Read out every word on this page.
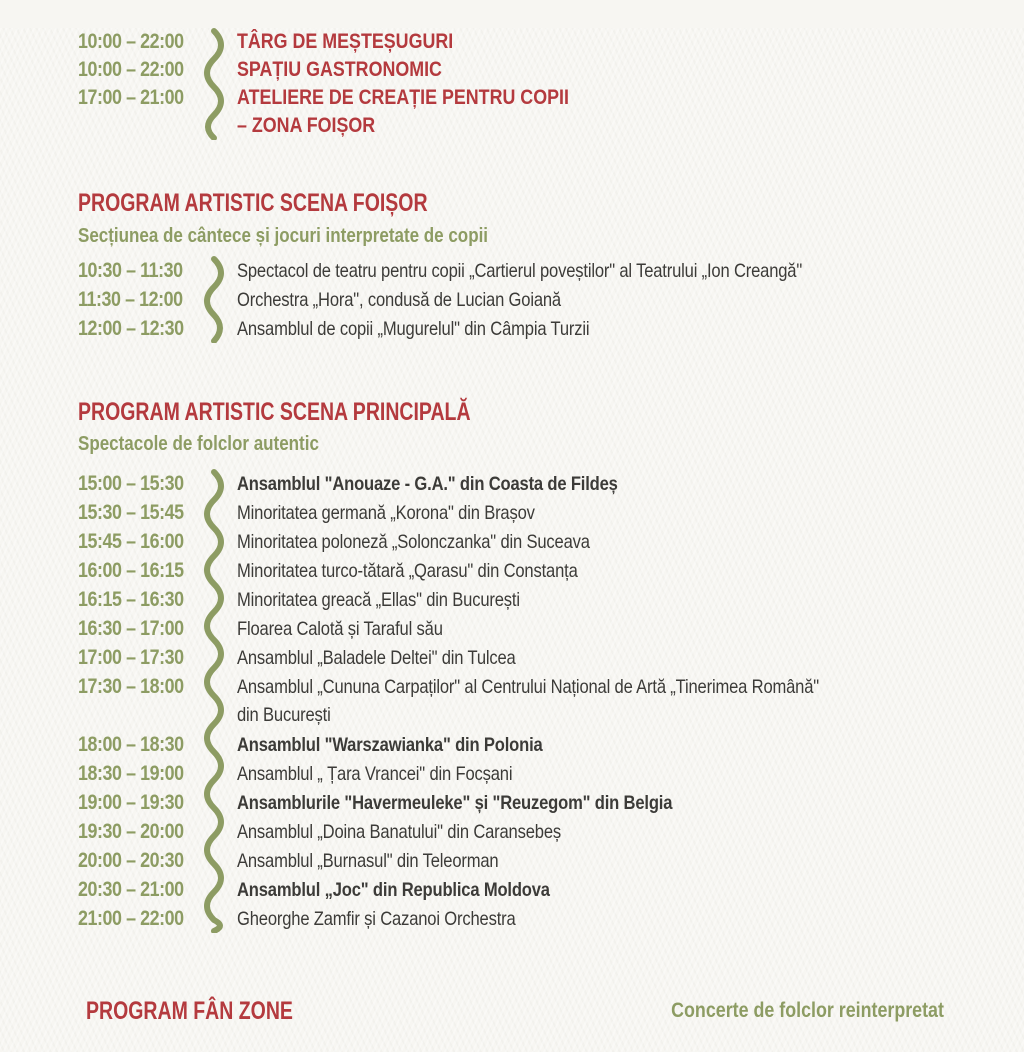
10:00 – 22:00	TÂRG DE MEȘTEȘUGURI
10:00 – 22:00	SPAȚIU GASTRONOMIC
17:00 – 21:00	ATELIERE DE CREAȚIE PENTRU COPII
– ZONA FOIȘOR
PROGRAM ARTISTIC SCENA FOIȘOR
Secțiunea de cântece și jocuri interpretate de copii
10:30 – 11:30	Spectacol de teatru pentru copii „Cartierul poveștilor" al Teatrului „Ion Creangă"
11:30 – 12:00	Orchestra „Hora", condusă de Lucian Goiană
12:00 – 12:30	Ansamblul de copii „Mugurelul" din Câmpia Turzii
PROGRAM ARTISTIC SCENA PRINCIPALĂ
Spectacole de folclor autentic
15:00 – 15:30	Ansamblul "Anouaze - G.A." din Coasta de Fildeș
15:30 – 15:45	Minoritatea germană „Korona" din Brașov
15:45 – 16:00	Minoritatea poloneză „Solonczanka" din Suceava
16:00 – 16:15	Minoritatea turco-tătară „Qarasu" din Constanța
16:15 – 16:30	Minoritatea greacă „Ellas" din București
16:30 – 17:00	Floarea Calotă și Taraful său
17:00 – 17:30	Ansamblul „Baladele Deltei" din Tulcea
17:30 – 18:00	Ansamblul „Cununa Carpaților" al Centrului Național de Artă „Tinerimea Română"
din București
18:00 – 18:30	Ansamblul "Warszawianka" din Polonia
18:30 – 19:00	Ansamblul „ Țara Vrancei" din Focșani
19:00 – 19:30	Ansamblurile "Havermeuleke" și "Reuzegom" din Belgia
19:30 – 20:00	Ansamblul „Doina Banatului" din Caransebeș
20:00 – 20:30	Ansamblul „Burnasul" din Teleorman
20:30 – 21:00	Ansamblul „Joc" din Republica Moldova
21:00 – 22:00	Gheorghe Zamfir și Cazanoi Orchestra
PROGRAM FÂN ZONE	Concerte de folclor reinterpretat
